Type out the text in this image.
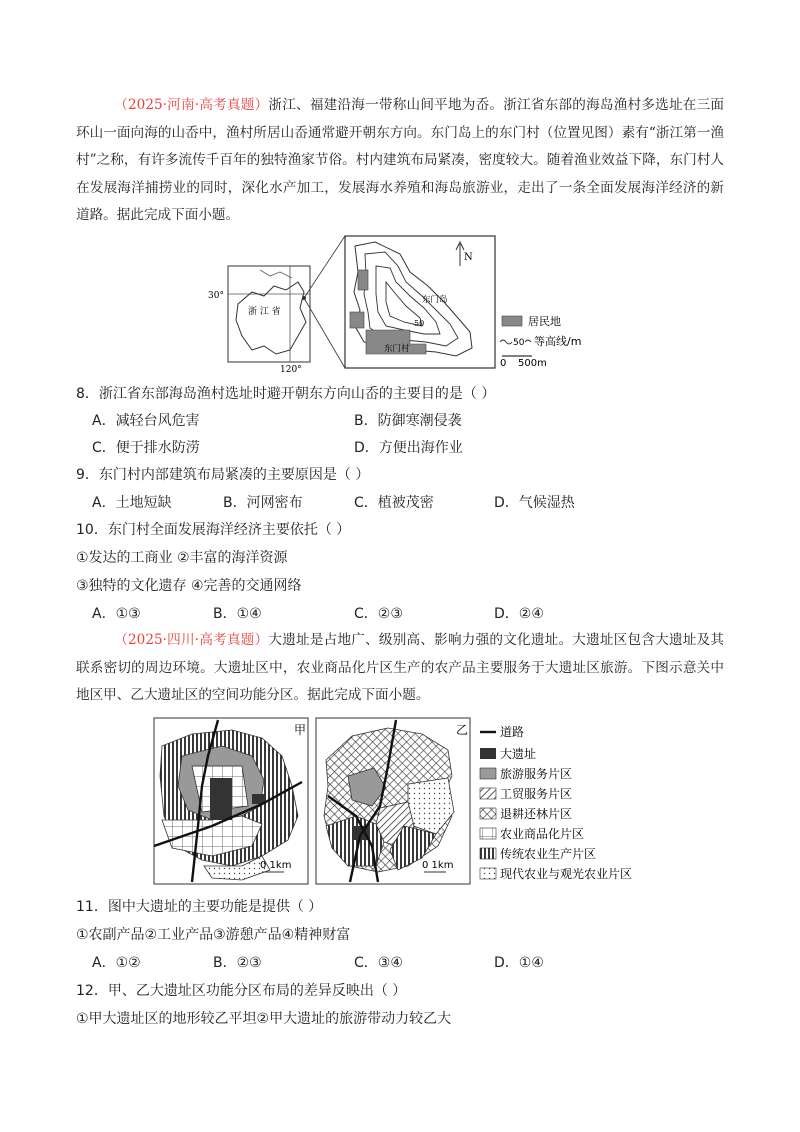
（2025·河南·高考真题）浙江、福建沿海一带称山间平地为岙。浙江省东部的海岛渔村多选址在三面环山一面向海的山岙中，渔村所居山岙通常避开朝东方向。东门岛上的东门村（位置见图）素有“浙江第一渔村”之称，有许多流传千百年的独特渔家节俗。村内建筑布局紧凑，密度较大。随着渔业效益下降，东门村人在发展海洋捕捞业的同时，深化水产加工，发展海水养殖和海岛旅游业，走出了一条全面发展海洋经济的新道路。据此完成下面小题。
30°
120°
浙 江 省
东门岛
东门村
50
N
居民地
50 等高线/m
0 500m
8．浙江省东部海岛渔村选址时避开朝东方向山岙的主要目的是（ ）
A．减轻台风危害	B．防御寒潮侵袭
C．便于排水防涝	D．方便出海作业
9．东门村内部建筑布局紧凑的主要原因是（ ）
A．土地短缺	B．河网密布	C．植被茂密	D．气候湿热
10．东门村全面发展海洋经济主要依托（ ）
①发达的工商业 ②丰富的海洋资源
③独特的文化遗存 ④完善的交通网络
A．①③	B．①④	C．②③	D．②④
（2025·四川·高考真题）大遗址是占地广、级别高、影响力强的文化遗址。大遗址区包含大遗址及其联系密切的周边环境。大遗址区中，农业商品化片区生产的农产品主要服务于大遗址区旅游。下图示意关中地区甲、乙大遗址区的空间功能分区。据此完成下面小题。
甲
0 1km
乙
0 1km
道路
大遗址
旅游服务片区
工贸服务片区
退耕还林片区
农业商品化片区
传统农业生产片区
现代农业与观光农业片区
11．图中大遗址的主要功能是提供（ ）
①农副产品②工业产品③游憩产品④精神财富
A．①②	B．②③	C．③④	D．①④
12．甲、乙大遗址区功能分区布局的差异反映出（ ）
①甲大遗址区的地形较乙平坦②甲大遗址的旅游带动力较乙大
